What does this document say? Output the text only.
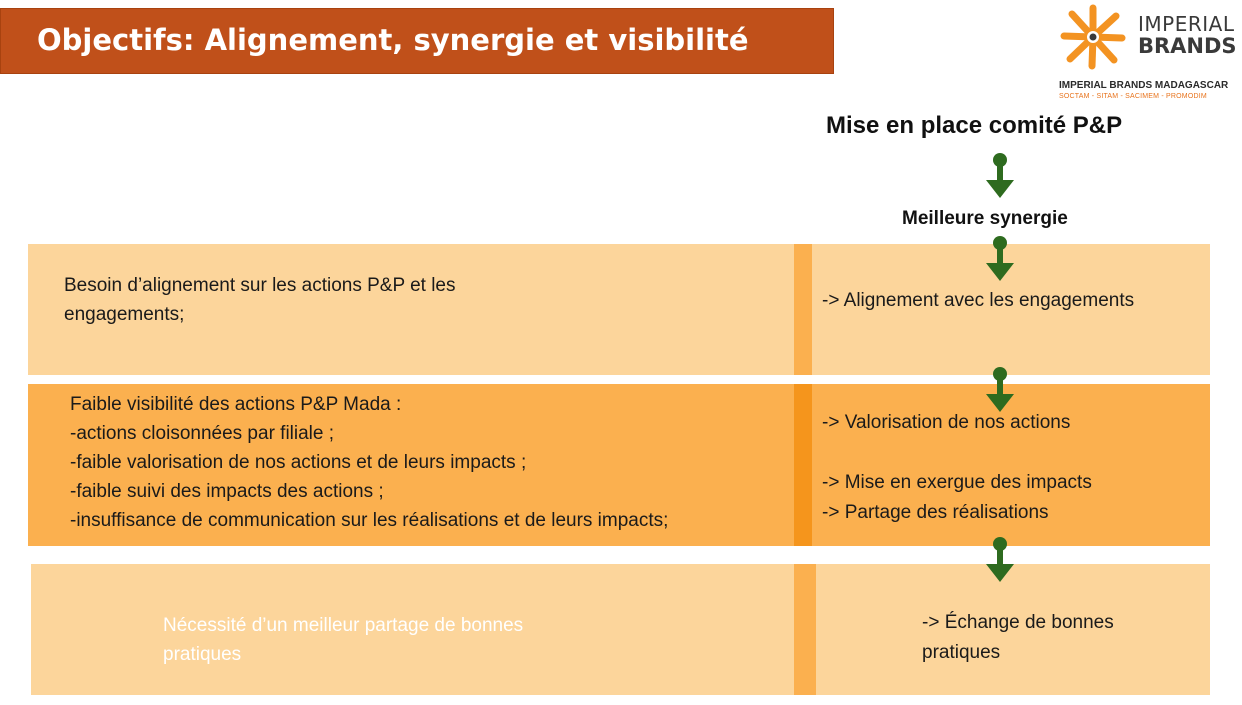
Objectifs: Alignement, synergie et visibilité	IMPERIAL
BRANDS
IMPERIAL BRANDS MADAGASCAR
SOCTAM - SITAM - SACIMEM - PROMODIM
Mise en place comité P&P
Meilleure synergie
Besoin d’alignement sur les actions P&P et les
engagements;
-> Alignement avec les engagements
Faible visibilité des actions P&P Mada :
-actions cloisonnées par filiale ;
-faible valorisation de nos actions et de leurs impacts ;
-faible suivi des impacts des actions ;
-insuffisance de communication sur les réalisations et de leurs impacts;
-> Valorisation de nos actions
-> Mise en exergue des impacts
-> Partage des réalisations
Nécessité d’un meilleur partage de bonnes
pratiques
-> Échange de bonnes
pratiques
